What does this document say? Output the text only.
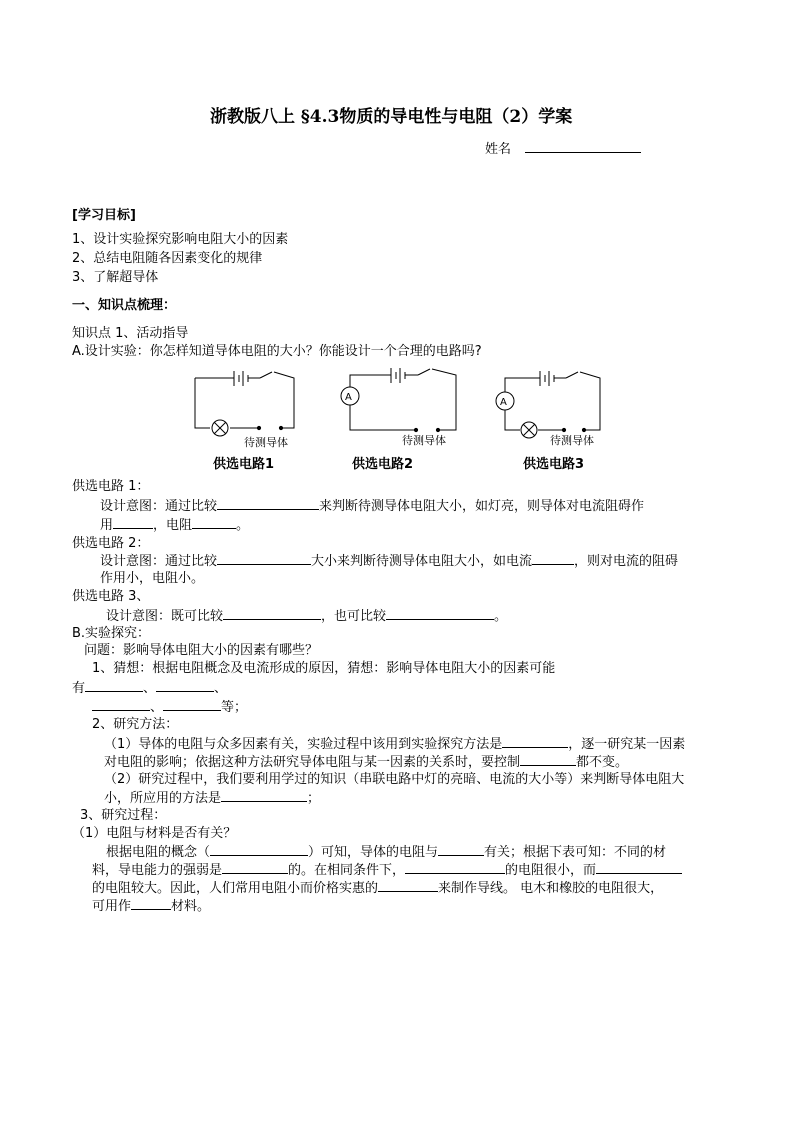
浙教版八上 §4.3物质的导电性与电阻（2）学案
姓名
[学习目标]
1、设计实验探究影响电阻大小的因素
2、总结电阻随各因素变化的规律
3、了解超导体
一、知识点梳理：
知识点 1、活动指导
A.设计实验：你怎样知道导体电阻的大小？你能设计一个合理的电路吗?
A	A
待测导体	待测导体	待测导体
供选电路1	供选电路2	供选电路3
供选电路 1：
设计意图：通过比较	来判断待测导体电阻大小，如灯亮，则导体对电流阻碍作
用	，电阻	。
供选电路 2：
设计意图：通过比较	大小来判断待测导体电阻大小，如电流	，则对电流的阻碍
作用小，电阻小。
供选电路 3、
设计意图：既可比较	，也可比较	。
B.实验探究：
问题：影响导体电阻大小的因素有哪些？
1、猜想：根据电阻概念及电流形成的原因，猜想：影响导体电阻大小的因素可能
有	、	、
、	等；
2、研究方法：
（1）导体的电阻与众多因素有关，实验过程中该用到实验探究方法是	，逐一研究某一因素
对电阻的影响；依据这种方法研究导体电阻与某一因素的关系时，要控制	都不变。
（2）研究过程中，我们要利用学过的知识（串联电路中灯的亮暗、电流的大小等）来判断导体电阻大
小，所应用的方法是	；
3、研究过程：
（1）电阻与材料是否有关？
根据电阻的概念（	）可知，导体的电阻与	有关；根据下表可知：不同的材
料，导电能力的强弱是	的。在相同条件下，	的电阻很小，而
的电阻较大。因此，人们常用电阻小而价格实惠的	来制作导线。 电木和橡胶的电阻很大，
可用作	材料。
